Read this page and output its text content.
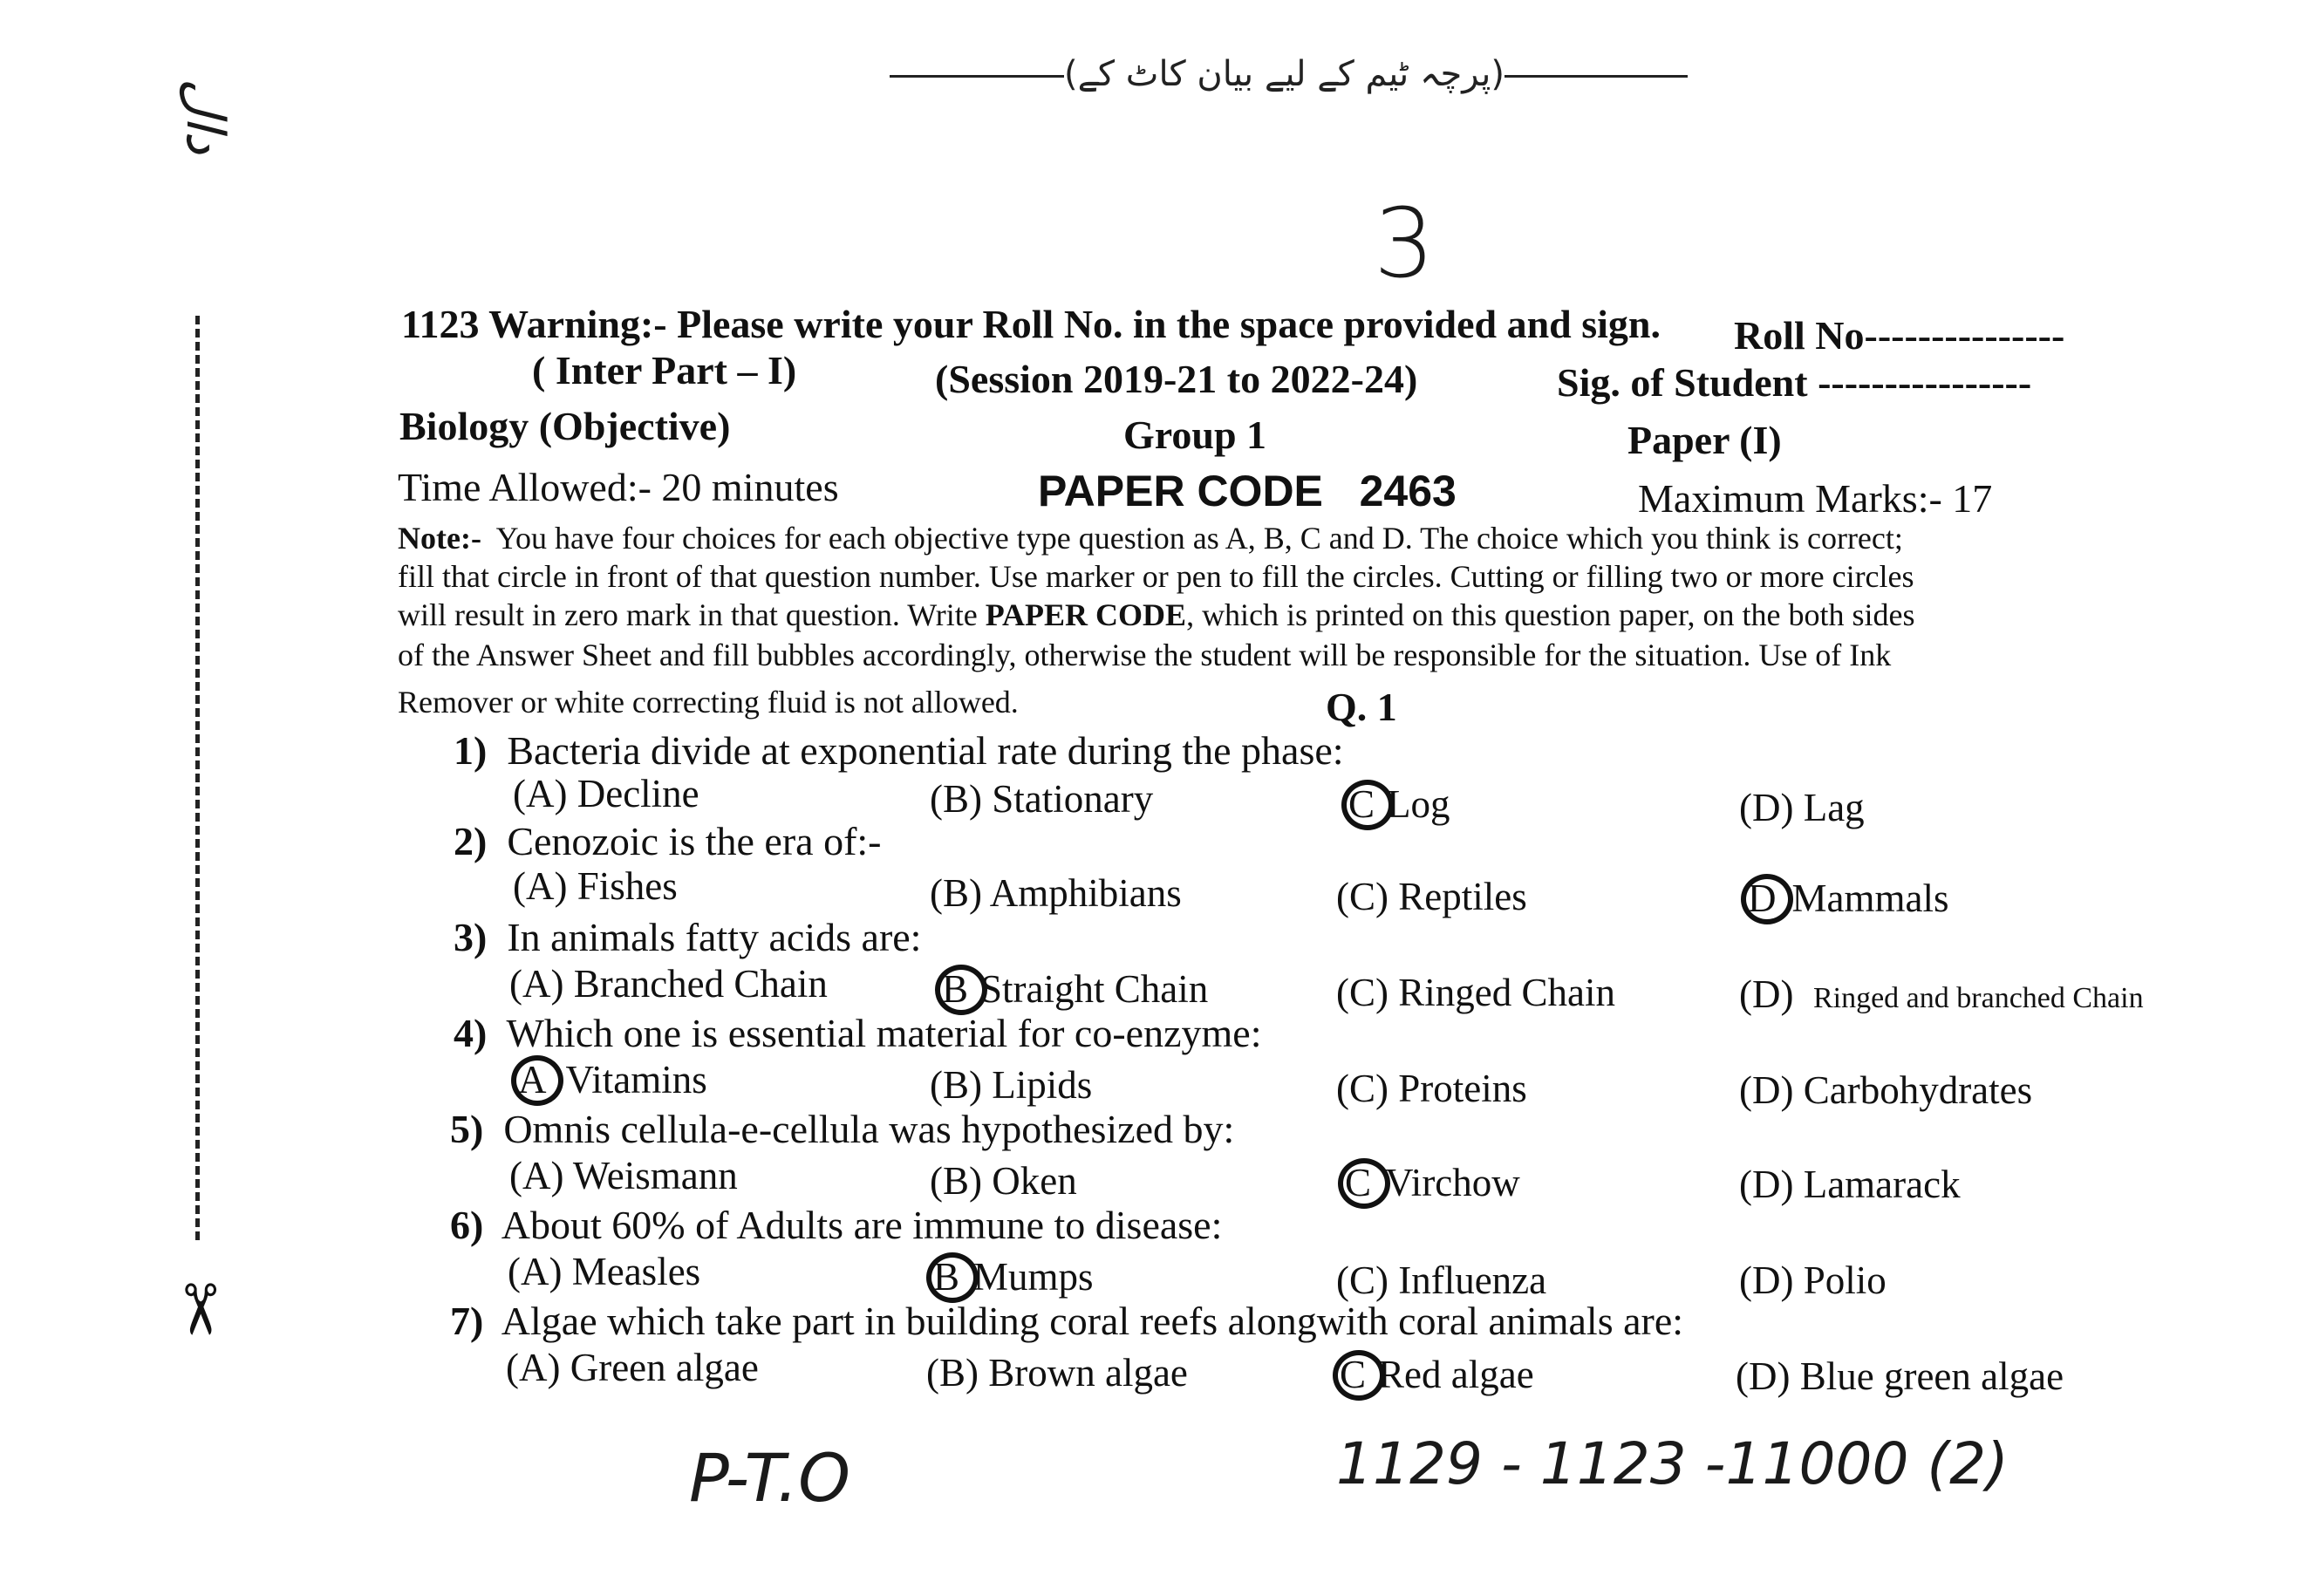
(پرچہ ٹیم کے لیے بیان کاٹ کے)
3
دال
✂
1123 Warning:- Please write your Roll No. in the space provided and sign. Roll No---------------
( Inter Part – I)	(Session 2019-21 to 2022-24)	Sig. of Student ----------------
Biology (Objective)	Group 1	Paper (I)
Time Allowed:- 20 minutes	PAPER CODE 2463	Maximum Marks:- 17
Note:- You have four choices for each objective type question as A, B, C and D. The choice which you think is correct;
fill that circle in front of that question number. Use marker or pen to fill the circles. Cutting or filling two or more circles
will result in zero mark in that question. Write PAPER CODE, which is printed on this question paper, on the both sides
of the Answer Sheet and fill bubbles accordingly, otherwise the student will be responsible for the situation. Use of Ink
Remover or white correcting fluid is not allowed.	Q. 1
1) Bacteria divide at exponential rate during the phase:
(A) Decline	(B) Stationary	C Log	(D) Lag
2) Cenozoic is the era of:-
(A) Fishes	(B) Amphibians	(C) Reptiles	D Mammals
3) In animals fatty acids are:
(A) Branched Chain	B Straight Chain	(C) Ringed Chain	(D) Ringed and branched Chain
4) Which one is essential material for co-enzyme:
A Vitamins	(B) Lipids	(C) Proteins	(D) Carbohydrates
5) Omnis cellula-e-cellula was hypothesized by:
(A) Weismann	(B) Oken	C Virchow	(D) Lamarack
6) About 60% of Adults are immune to disease:
(A) Measles	B Mumps	(C) Influenza	(D) Polio
7) Algae which take part in building coral reefs alongwith coral animals are:
(A) Green algae	(B) Brown algae	C Red algae	(D) Blue green algae
P-T.O	1129 - 1123 -11000 (2)
